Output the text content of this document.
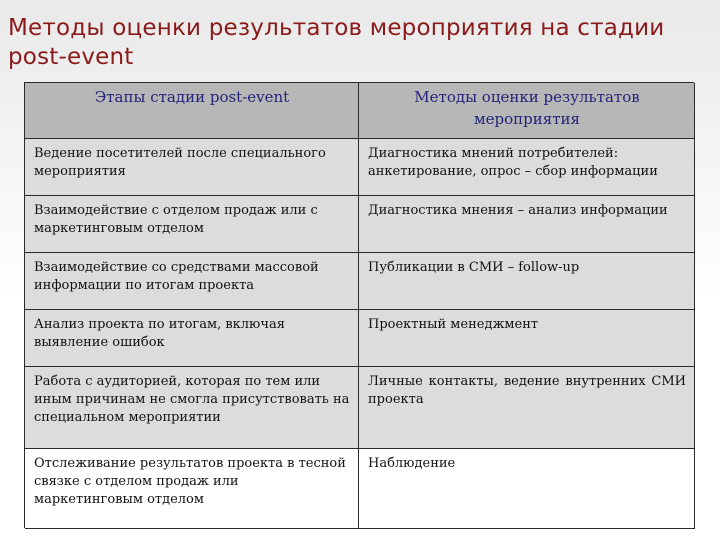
Методы оценки результатов мероприятия на стадии post-event
Этапы стадии post-event	Методы оценки результатов мероприятия
Ведение посетителей после специального мероприятия
Диагностика мнений потребителей: анкетирование, опрос – сбор информации
Взаимодействие с отделом продаж или с маркетинговым отделом
Диагностика мнения – анализ информации
Взаимодействие со средствами массовой информации по итогам проекта
Публикации в СМИ – follow-up
Анализ проекта по итогам, включая выявление ошибок
Проектный менеджмент
Работа с аудиторией, которая по тем или иным причинам не смогла присутствовать на специальном мероприятии
Личные контакты, ведение внутренних СМИ проекта
Отслеживание результатов проекта в тесной связке с отделом продаж или маркетинговым отделом
Наблюдение
